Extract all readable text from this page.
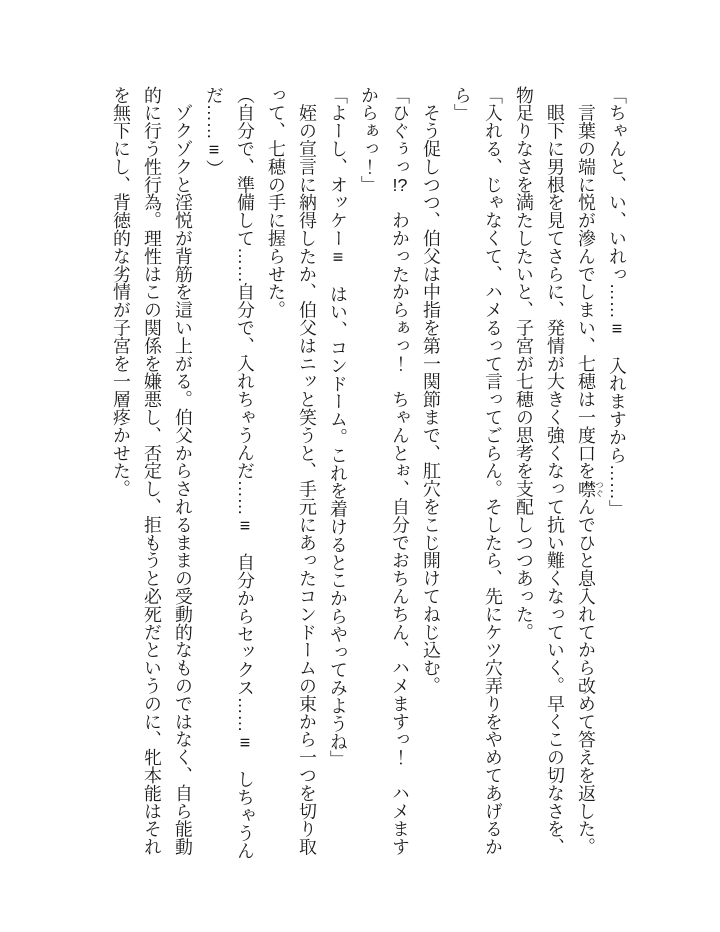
「ちゃんと、い、いれっ……≡　入れますから……」
　言葉の端に悦が滲んでしまい、七穂は一度口を噤
つぐ
んでひと息入れてから改めて答えを返した。
　眼下に男根を見てさらに、発情が大きく強くなって抗い難くなっていく。早くこの切なさを、
物足りなさを満たしたいと、子宮が七穂の思考を支配しつつあった。
「入れる、じゃなくて、ハメるって言ってごらん。そしたら、先にケツ穴弄りをやめてあげるか
ら」
　そう促しつつ、伯父は中指を第一関節まで、肛穴をこじ開けてねじ込む。
「ひぐぅっ!?　わかったからぁっ！　ちゃんとぉ、自分でおちんちん、ハメますっ！　ハメます
からぁっ！」
「よーし、オッケー≡　はい、コンドーム。これを着けるとこからやってみようね」
　姪の宣言に納得したか、伯父はニッと笑うと、手元にあったコンドームの束から一つを切り取
って、七穂の手に握らせた。
（自分で、準備して……自分で、入れちゃうんだ……≡　自分からセックス……≡　しちゃうん
だ……≡）
　ゾクゾクと淫悦が背筋を這い上がる。伯父からされるままの受動的なものではなく、自ら能動
的に行う性行為。理性はこの関係を嫌悪し、否定し、拒もうと必死だというのに、牝本能はそれ
を無下にし、背徳的な劣情が子宮を一層疼かせた。
